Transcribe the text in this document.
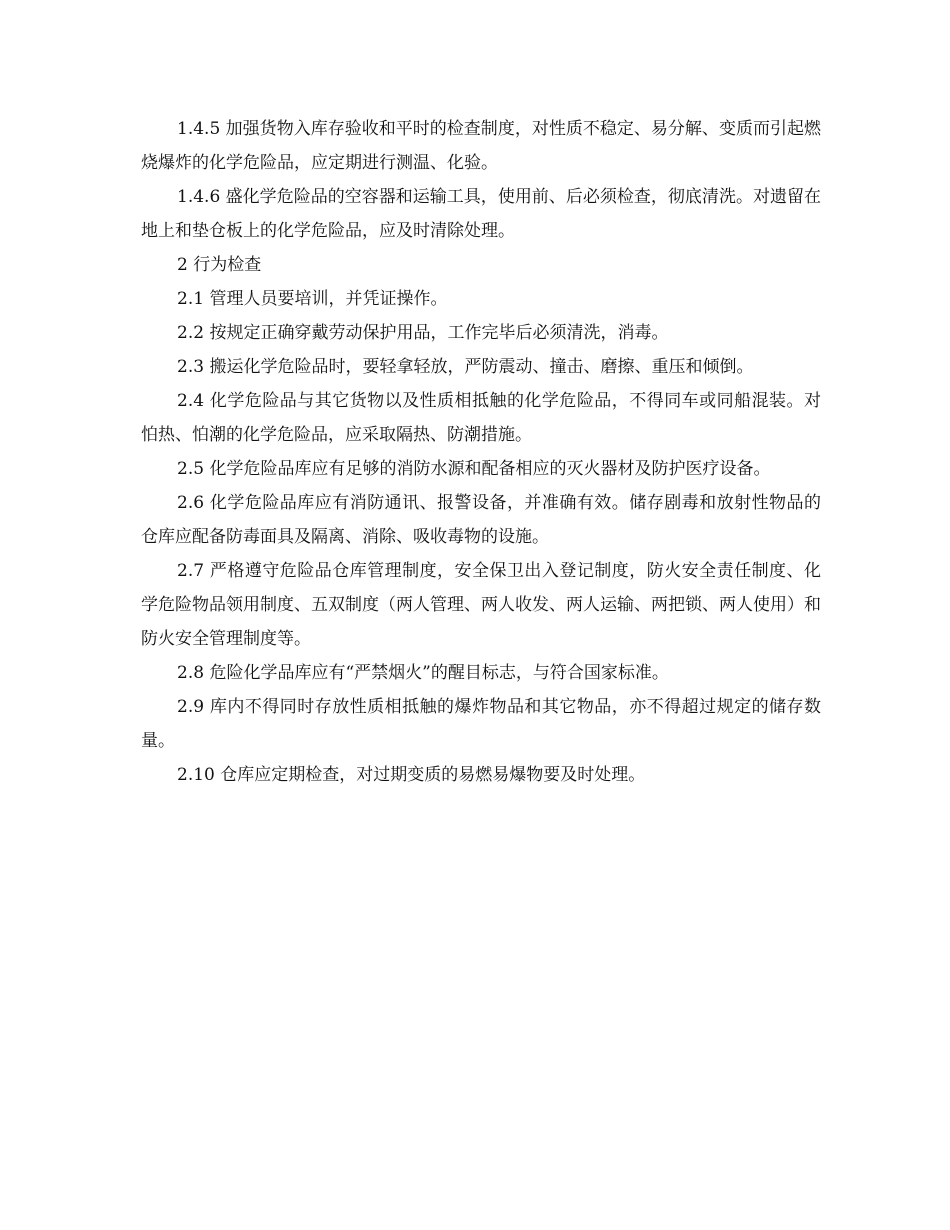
1.4.5 加强货物入库存验收和平时的检查制度，对性质不稳定、易分解、变质而引起燃烧爆炸的化学危险品，应定期进行测温、化验。

1.4.6 盛化学危险品的空容器和运输工具，使用前、后必须检查，彻底清洗。对遗留在地上和垫仓板上的化学危险品，应及时清除处理。

2 行为检查

2.1 管理人员要培训，并凭证操作。

2.2 按规定正确穿戴劳动保护用品，工作完毕后必须清洗，消毒。

2.3 搬运化学危险品时，要轻拿轻放，严防震动、撞击、磨擦、重压和倾倒。

2.4 化学危险品与其它货物以及性质相抵触的化学危险品，不得同车或同船混装。对怕热、怕潮的化学危险品，应采取隔热、防潮措施。

2.5 化学危险品库应有足够的消防水源和配备相应的灭火器材及防护医疗设备。

2.6 化学危险品库应有消防通讯、报警设备，并准确有效。储存剧毒和放射性物品的仓库应配备防毒面具及隔离、消除、吸收毒物的设施。

2.7 严格遵守危险品仓库管理制度，安全保卫出入登记制度，防火安全责任制度、化学危险物品领用制度、五双制度（两人管理、两人收发、两人运输、两把锁、两人使用）和防火安全管理制度等。

2.8 危险化学品库应有“严禁烟火”的醒目标志，与符合国家标准。

2.9 库内不得同时存放性质相抵触的爆炸物品和其它物品，亦不得超过规定的储存数量。

2.10 仓库应定期检查，对过期变质的易燃易爆物要及时处理。
